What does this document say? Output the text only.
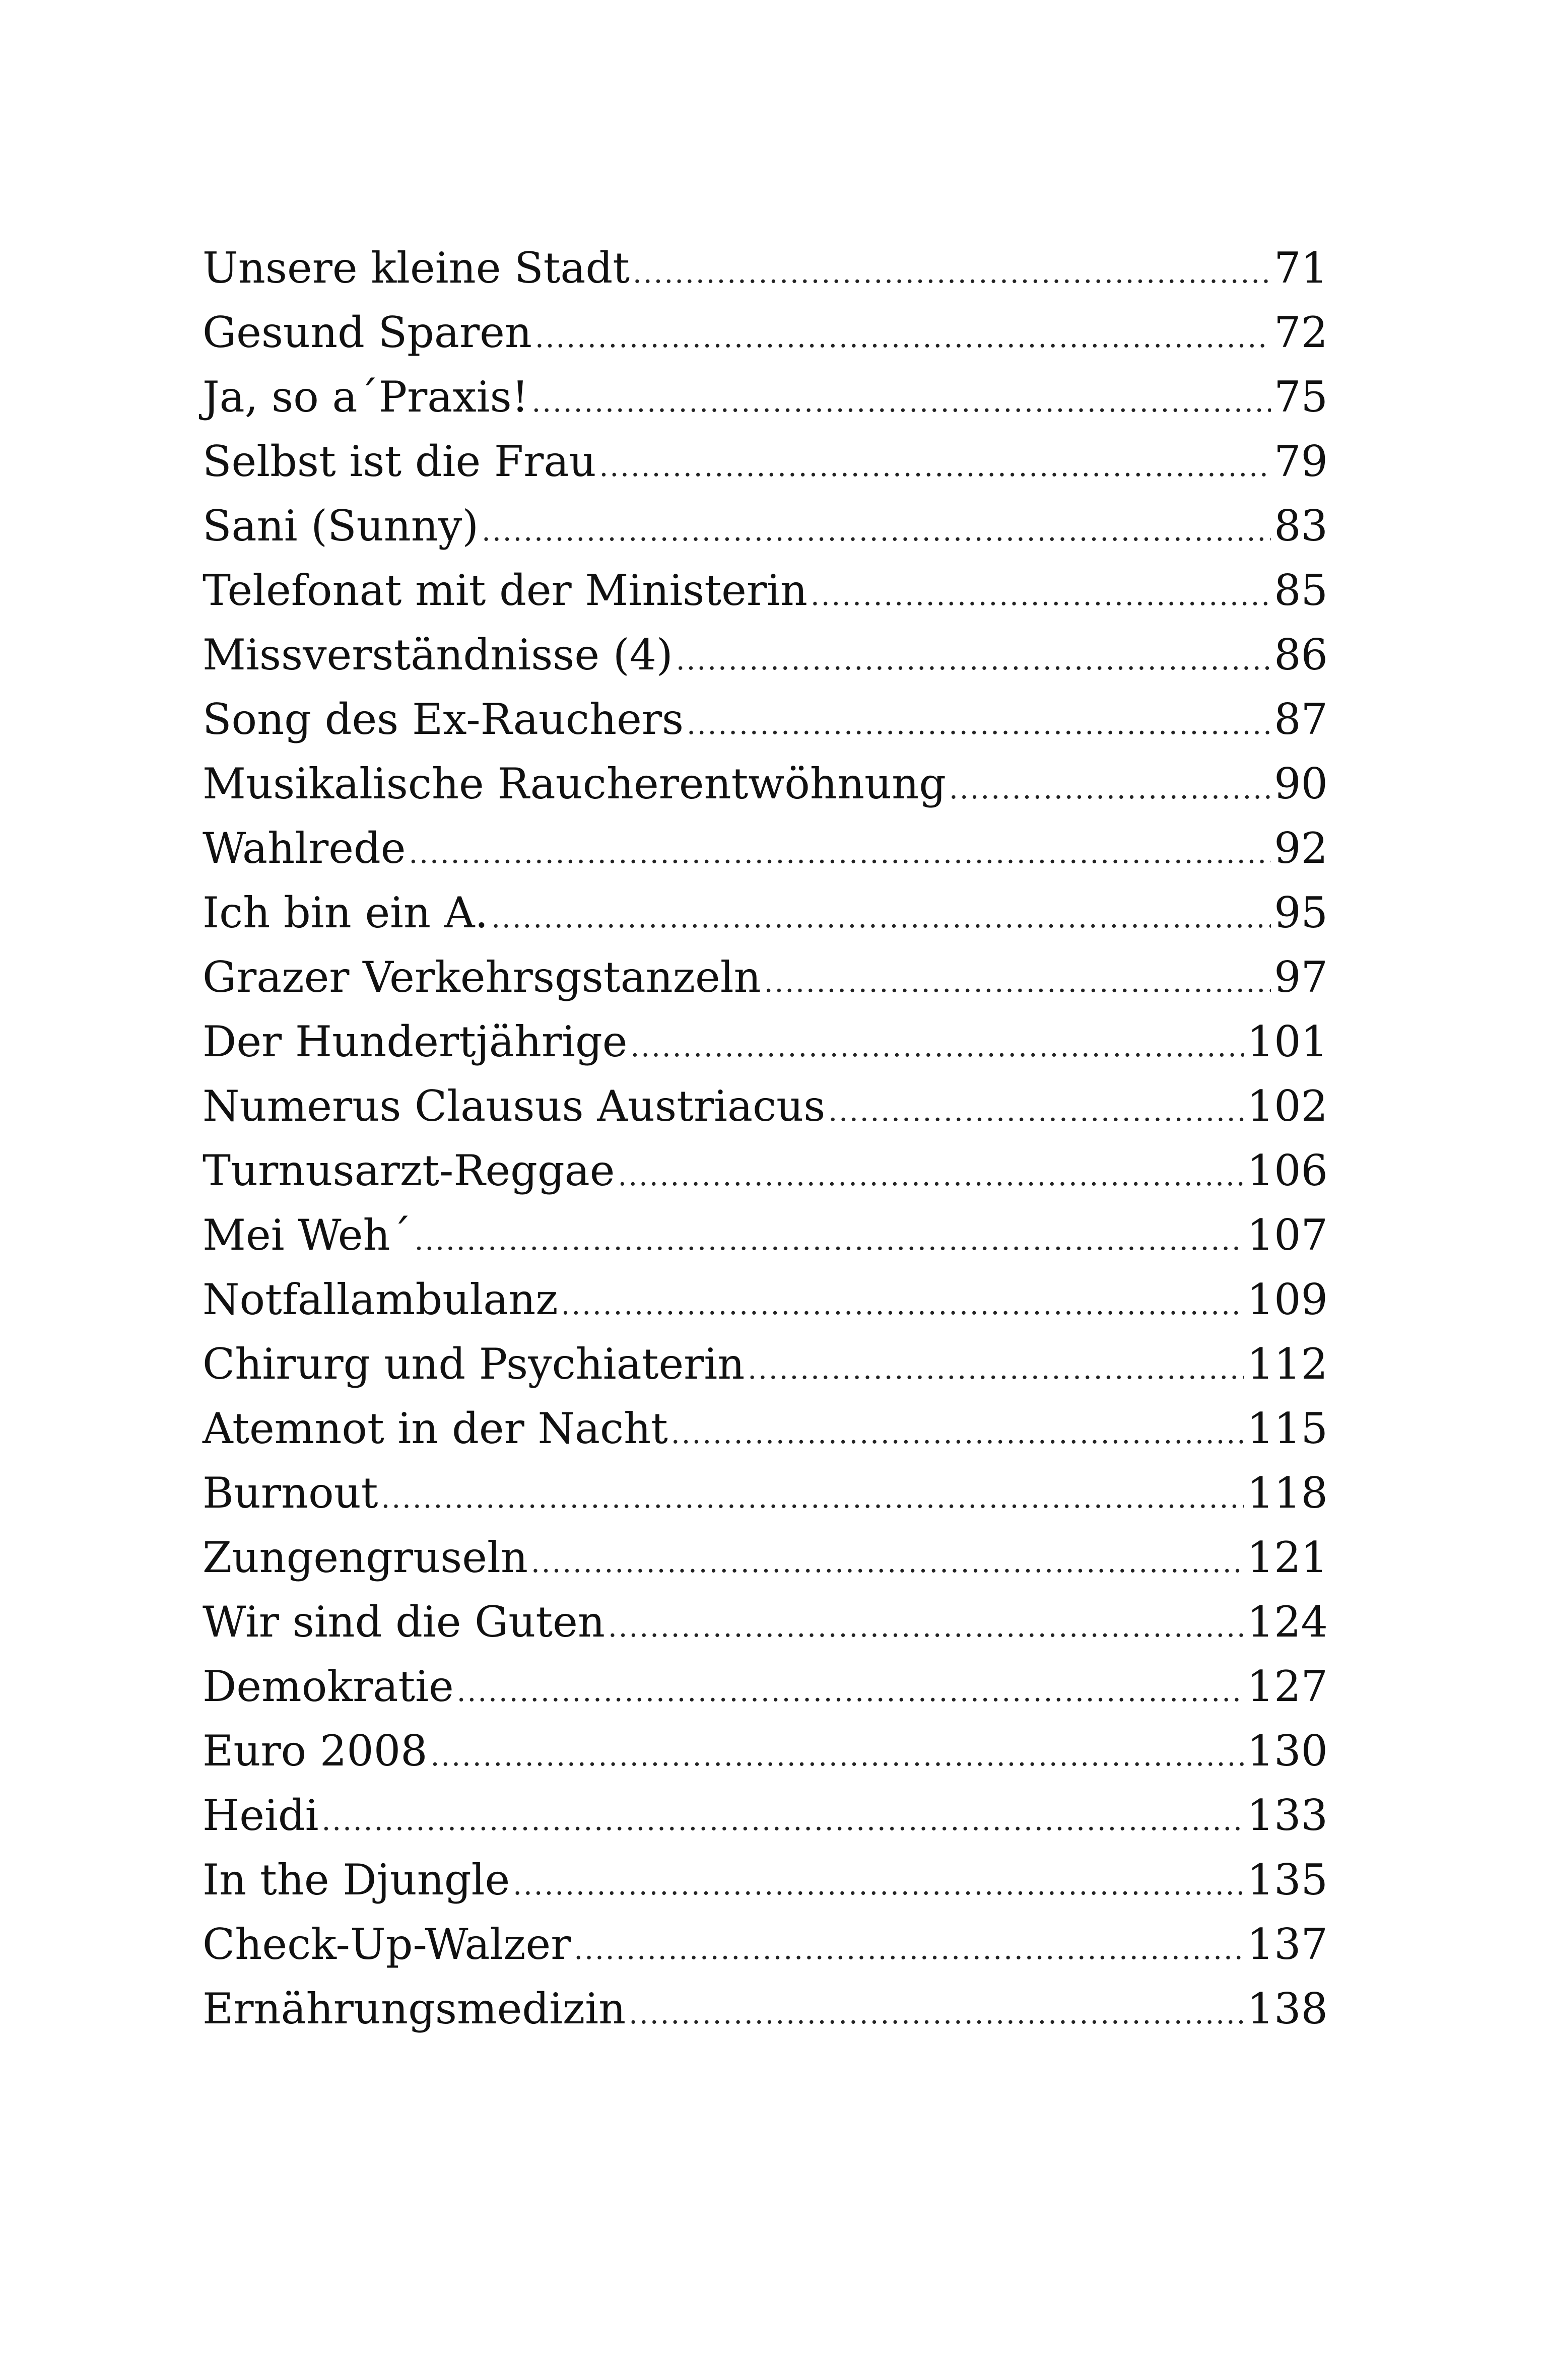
Unsere kleine Stadt .....	71
Gesund Sparen .....	72
Ja, so a´Praxis! .....	75
Selbst ist die Frau .....	79
Sani (Sunny) .....	83
Telefonat mit der Ministerin .....	85
Missverständnisse (4) .....	86
Song des Ex-Rauchers .....	87
Musikalische Raucherentwöhnung .....	90
Wahlrede .....	92
Ich bin ein A. .....	95
Grazer Verkehrsgstanzeln .....	97
Der Hundertjährige .....	101
Numerus Clausus Austriacus .....	102
Turnusarzt-Reggae .....	106
Mei Weh´ .....	107
Notfallambulanz .....	109
Chirurg und Psychiaterin .....	112
Atemnot in der Nacht .....	115
Burnout .....	118
Zungengruseln .....	121
Wir sind die Guten .....	124
Demokratie .....	127
Euro 2008 .....	130
Heidi .....	133
In the Djungle .....	135
Check-Up-Walzer .....	137
Ernährungsmedizin .....	138
